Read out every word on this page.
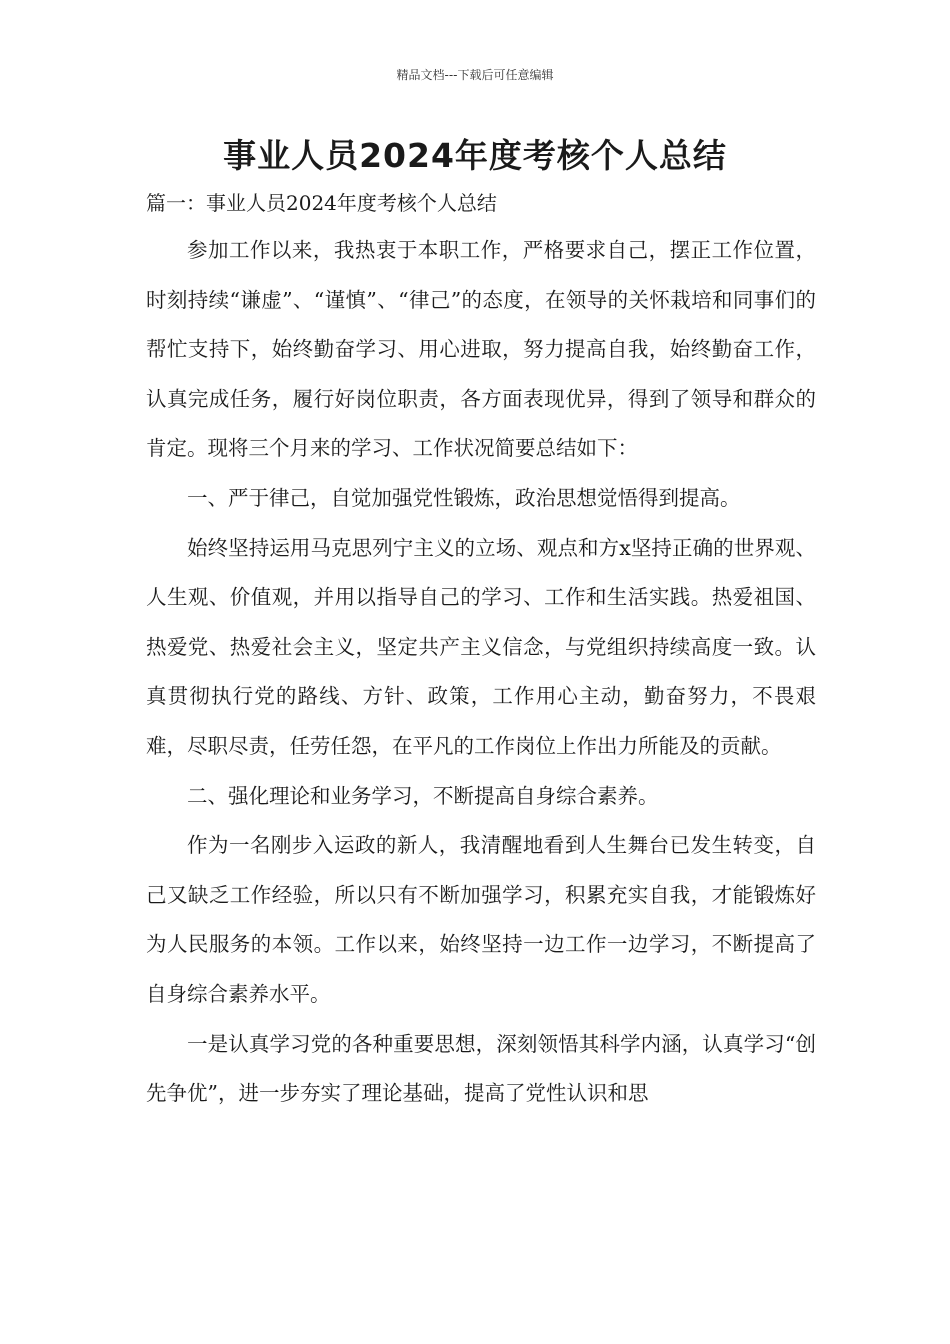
精品文档---下载后可任意编辑
事业人员2024年度考核个人总结
篇一：事业人员2024年度考核个人总结

参加工作以来，我热衷于本职工作，严格要求自己，摆正工作位置，时刻持续“谦虚”、“谨慎”、“律己”的态度，在领导的关怀栽培和同事们的帮忙支持下，始终勤奋学习、用心进取，努力提高自我，始终勤奋工作，认真完成任务，履行好岗位职责，各方面表现优异，得到了领导和群众的肯定。现将三个月来的学习、工作状况简要总结如下：

一、严于律己，自觉加强党性锻炼，政治思想觉悟得到提高。

始终坚持运用马克思列宁主义的立场、观点和方x坚持正确的世界观、人生观、价值观，并用以指导自己的学习、工作和生活实践。热爱祖国、热爱党、热爱社会主义，坚定共产主义信念，与党组织持续高度一致。认真贯彻执行党的路线、方针、政策，工作用心主动，勤奋努力，不畏艰难，尽职尽责，任劳任怨，在平凡的工作岗位上作出力所能及的贡献。

二、强化理论和业务学习，不断提高自身综合素养。

作为一名刚步入运政的新人，我清醒地看到人生舞台已发生转变，自己又缺乏工作经验，所以只有不断加强学习，积累充实自我，才能锻炼好为人民服务的本领。工作以来，始终坚持一边工作一边学习，不断提高了自身综合素养水平。

一是认真学习党的各种重要思想，深刻领悟其科学内涵，认真学习“创先争优”，进一步夯实了理论基础，提高了党性认识和思
